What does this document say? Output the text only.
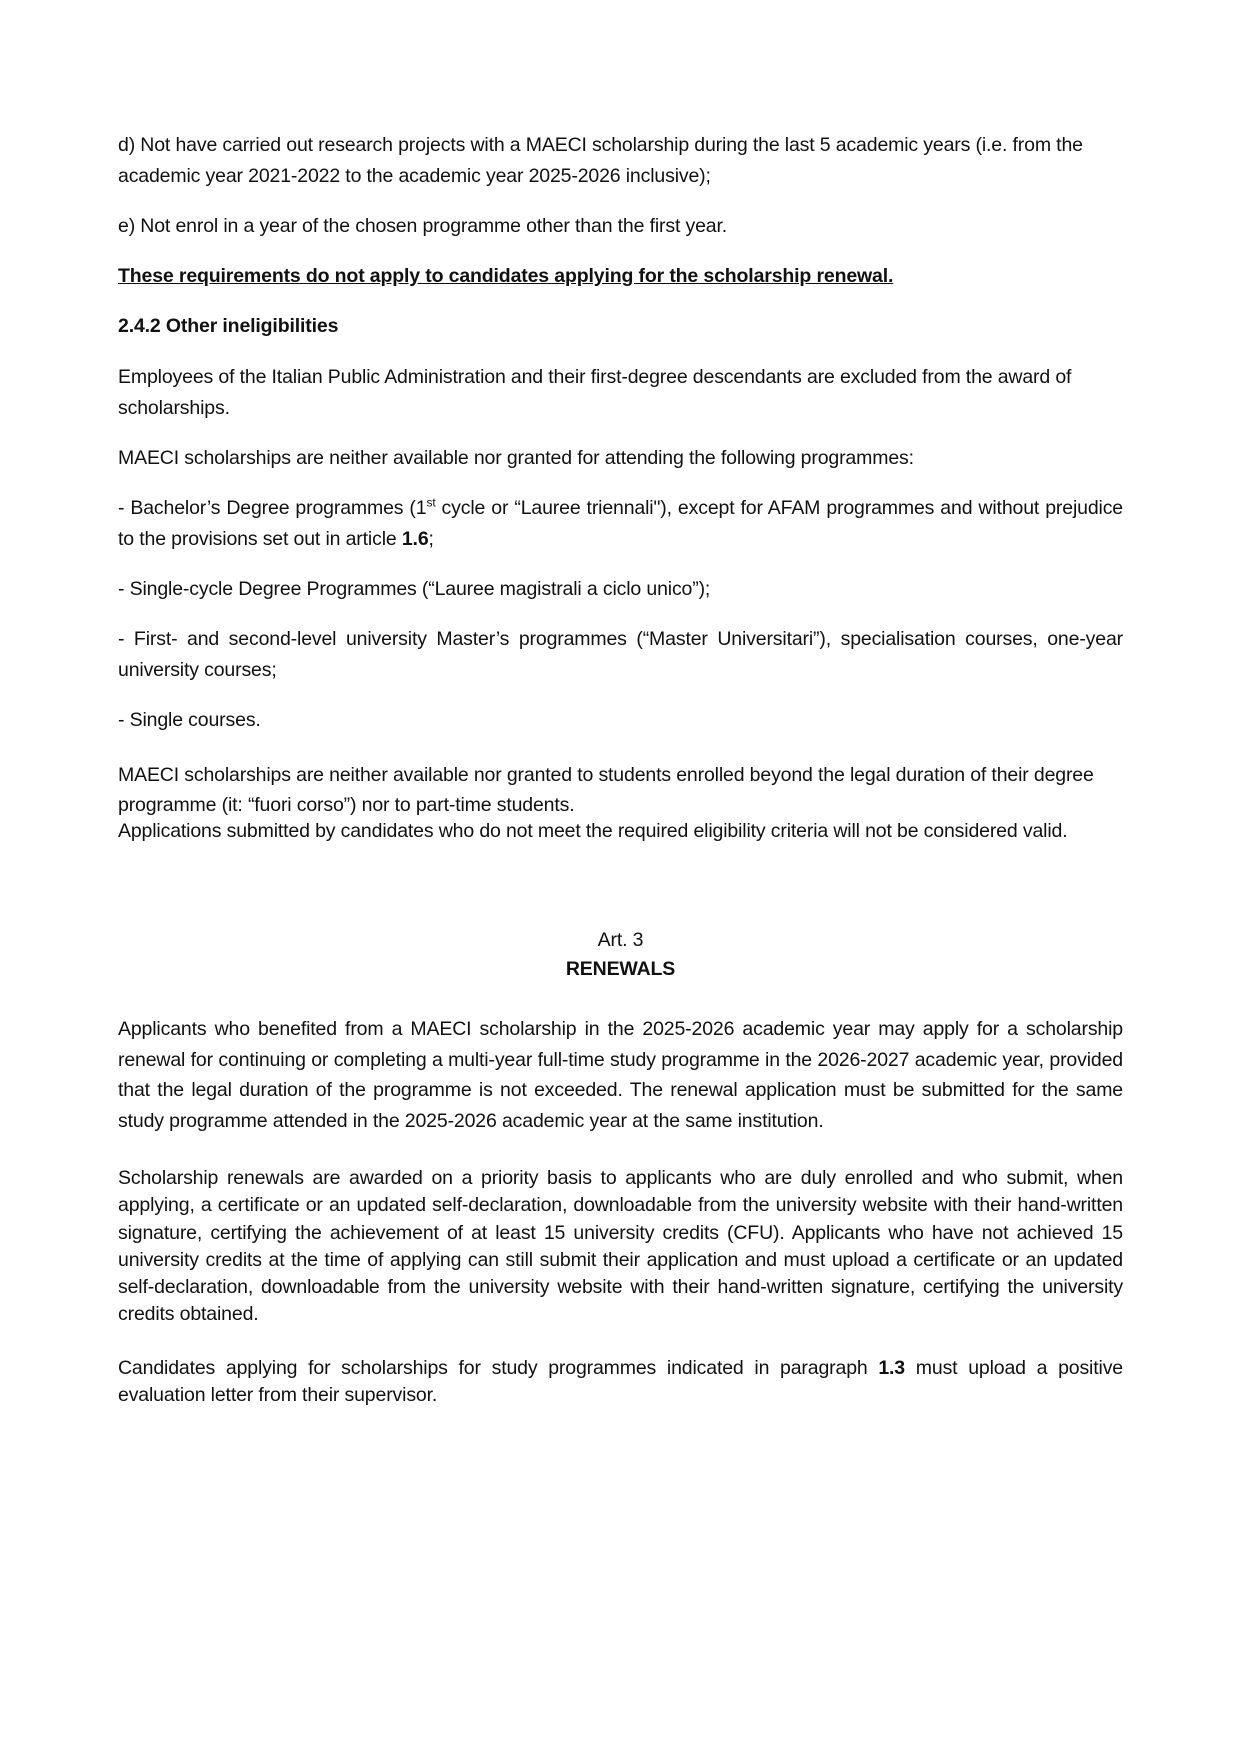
d) Not have carried out research projects with a MAECI scholarship during the last 5 academic years (i.e. from the academic year 2021-2022 to the academic year 2025-2026 inclusive);

e) Not enrol in a year of the chosen programme other than the first year.

These requirements do not apply to candidates applying for the scholarship renewal.

2.4.2 Other ineligibilities

Employees of the Italian Public Administration and their first-degree descendants are excluded from the award of scholarships.

MAECI scholarships are neither available nor granted for attending the following programmes:

- Bachelor’s Degree programmes (1st cycle or “Lauree triennali"), except for AFAM programmes and without prejudice to the provisions set out in article 1.6;

- Single-cycle Degree Programmes (“Lauree magistrali a ciclo unico”);

- First- and second-level university Master’s programmes (“Master Universitari”), specialisation courses, one-year university courses;

- Single courses.

MAECI scholarships are neither available nor granted to students enrolled beyond the legal duration of their degree programme (it: “fuori corso”) nor to part-time students.

Applications submitted by candidates who do not meet the required eligibility criteria will not be considered valid.

Art. 3

RENEWALS

Applicants who benefited from a MAECI scholarship in the 2025-2026 academic year may apply for a scholarship renewal for continuing or completing a multi-year full-time study programme in the 2026-2027 academic year, provided that the legal duration of the programme is not exceeded. The renewal application must be submitted for the same study programme attended in the 2025-2026 academic year at the same institution.

Scholarship renewals are awarded on a priority basis to applicants who are duly enrolled and who submit, when applying, a certificate or an updated self-declaration, downloadable from the university website with their hand-written signature, certifying the achievement of at least 15 university credits (CFU). Applicants who have not achieved 15 university credits at the time of applying can still submit their application and must upload a certificate or an updated self-declaration, downloadable from the university website with their hand-written signature, certifying the university credits obtained.

Candidates applying for scholarships for study programmes indicated in paragraph 1.3 must upload a positive evaluation letter from their supervisor.
